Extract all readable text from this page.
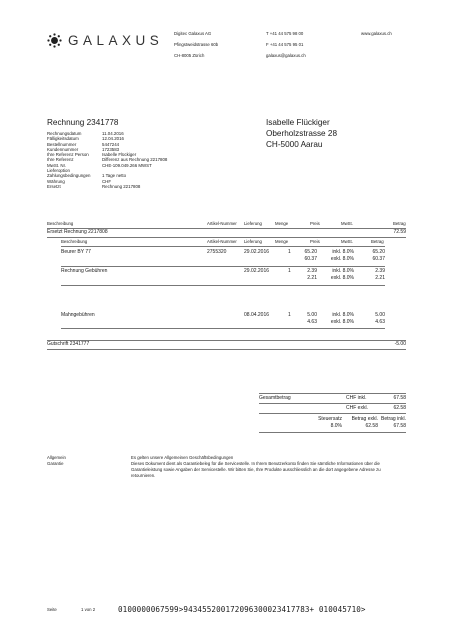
GALAXUS Digitec Galaxus AG
Pfingstweidstrasse 60b
CH-8005 Zürich
T +41 44 575 98 00
F +41 44 575 95 01
galaxus@galaxus.ch
www.galaxus.ch
Rechnung 2341778
Rechnungsdatum	11.04.2016
Fälligkeitsdatum	12.04.2016
Bestellnummer	5447244
Kundennummer	1723583
Ihre Referenz Person	Isabelle Flückiger
Ihre Referenz	Differenz aus Rechnung 2217808
MwSt. Nr.	CHE-109.049.266 MWST
Lieferoption
Zahlungsbedingungen	1 Tage netto
Währung	CHF
Ersetzt	Rechnung 2217808
Isabelle Flückiger
Oberholzstrasse 28
CH-5000 Aarau
Beschreibung	Artikel-Nummer Lieferung	Menge	Preis	MwSt.	Betrag
Ersetzt Rechnung 2217808	72.59
Beschreibung	Artikel-Nummer Lieferung	Menge	Preis	MwSt.	Betrag
Beurer BY 77	2755320	29.02.2016	1	65.20	inkl. 8.0%	65.20
60.37	exkl. 8.0%	60.37
Rechnung Gebühren	29.02.2016	1	2.39	inkl. 8.0%	2.39
2.21	exkl. 8.0%	2.21
Mahngebühren	08.04.2016	1	5.00	inkl. 8.0%	5.00
4.63	exkl. 8.0%	4.63
Gutschrift 2341777	-5.00
Gesamtbetrag	CHF inkl.	67.58
CHF exkl.	62.58
Steuersatz	Betrag exkl. Betrag inkl.
8.0%	62.58	67.58
Allgemein	Es gelten unsere Allgemeinen Geschäftsbedingungen
Garantie	Dieses Dokument dient als Garantiebeleg für die Servicestelle. In Ihrem Benutzerkonto finden Sie sämtliche Informationen über die
Garantieleistung sowie Angaben der Servicestelle. Wir bitten Sie, Ihre Produkte ausschliesslich an die dort angegebene Adresse zu
retournieren.
Seite	1 von 2	0100000067599>943455200172096300023417783+ 010045710>
